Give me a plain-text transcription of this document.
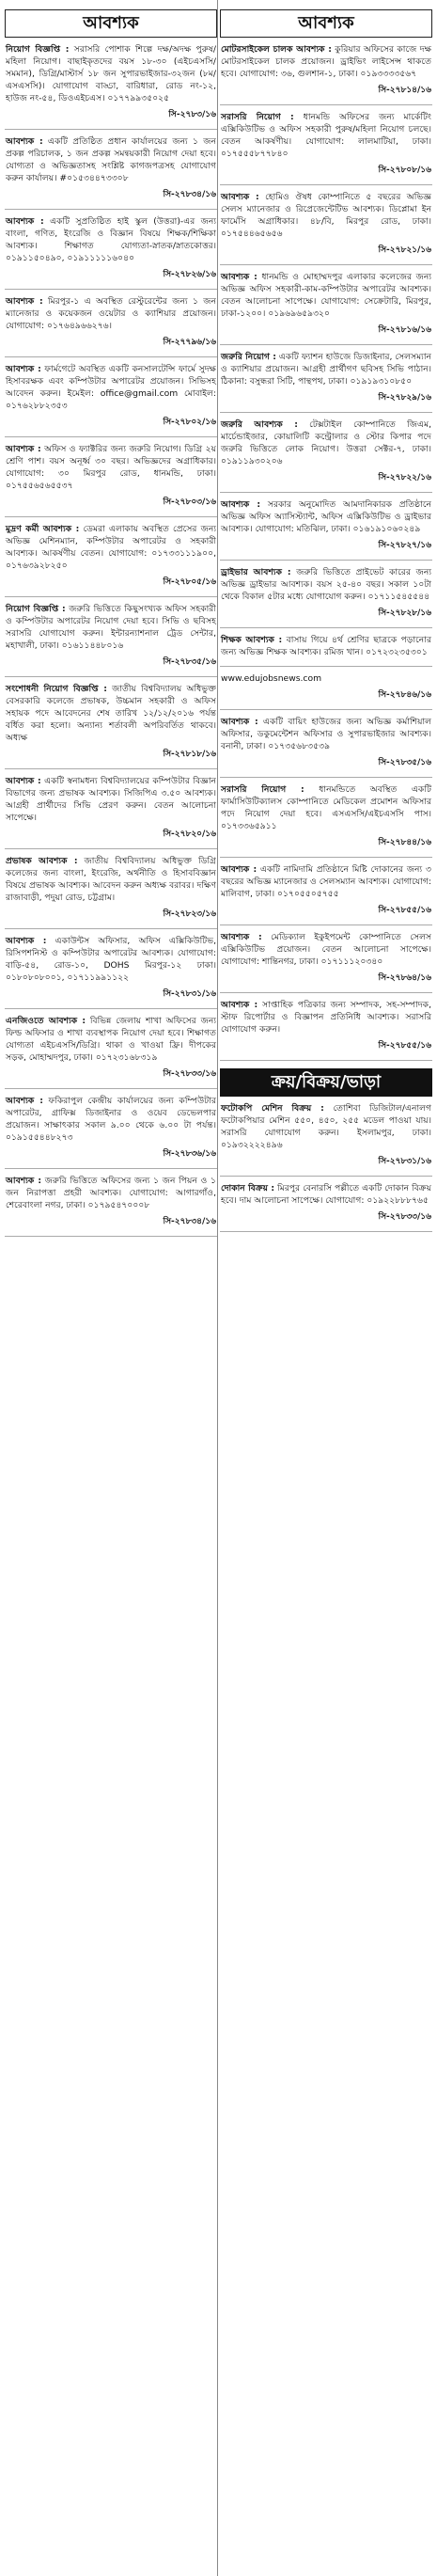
আবশ্যক

নিয়োগ বিজ্ঞপ্তি : সরাসরি পোশাক শিল্পে দক্ষ/অদক্ষ পুরুষ/মহিলা নিয়োগ। বাছাইকৃতদের বয়স ১৮-৩০ (এইচএসসি/সমমান), ডিগ্রি/মাস্টার্স ১৮ জন সুপারভাইজার-৩২জন (৮ম/এসএসসি)। যোগাযোগ বাড্ডা, বারিধারা, রোড নং-১২, হাউজ নং-৫৪, ডিওএইচএস। ০১৭৭৯৯৩৫০২৫

সি-২৭৮৩/১৬

আবশ্যক : একটি প্রতিষ্ঠিত প্রধান কার্যালয়ের জন্য ১ জন প্রকল্প পরিচালক, ১ জন প্রকল্প সমন্বয়কারী নিয়োগ দেয়া হবে। যোগ্যতা ও অভিজ্ঞতাসহ সংশ্লিষ্ট কাগজপত্রসহ যোগাযোগ করুন কার্যালয়। #০১৫৩৪৪৭৩৩০৮

সি-২৭৮৩৪/১৬

আবশ্যক : একটি সুপ্রতিষ্ঠিত হাই স্কুল (উত্তরা)-এর জন্য বাংলা, গণিত, ইংরেজি ও বিজ্ঞান বিষয়ে শিক্ষক/শিক্ষিকা আবশ্যক। শিক্ষাগত যোগ্যতা-স্নাতক/স্নাতকোত্তর। ০১৯১১৫০৪৯০, ০১৯১১১১১৬০৪০

সি-২৭৮২৬/১৬

আবশ্যক : মিরপুর-১ এ অবস্থিত রেস্টুরেন্টের জন্য ১ জন ম্যানেজার ও কয়েকজন ওয়েটার ও ক্যাশিয়ার প্রয়োজন। যোগাযোগ: ০১৭৬৪৯৬৬২৭৬।

সি-২৭৭৯৬/১৬

আবশ্যক : ফার্মগেটে অবস্থিত একটি কনসালটেন্সি ফার্মে সুদক্ষ হিসাবরক্ষক এবং কম্পিউটার অপারেটর প্রয়োজন। সিভিসহ আবেদন করুন। ইমেইল: office@gmail.com মোবাইল: ০১৭৬২৮৮২৩৫৩

সি-২৭৮০২/১৬

আবশ্যক : অফিস ও ফ্যাক্টরির জন্য জরুরি নিয়োগ। ডিগ্রি ২য় শ্রেণি পাশ। বয়স অনূর্ধ্ব ৩০ বছর। অভিজ্ঞদের অগ্রাধিকার। যোগাযোগ: ৩০ মিরপুর রোড, ধানমন্ডি, ঢাকা। ০১৭৫৫৬৫৬৫৫৩৭

সি-২৭৮০৩/১৬

মুদ্রণ কর্মী আবশ্যক : ডেমরা এলাকায় অবস্থিত প্রেসের জন্য অভিজ্ঞ মেশিনম্যান, কম্পিউটার অপারেটর ও সহকারী আবশ্যক। আকর্ষণীয় বেতন। যোগাযোগ: ০১৭৩৩১১১৯০০, ০১৭৬৩৯২৮২৫০

সি-২৭৮০৫/১৬

নিয়োগ বিজ্ঞপ্তি : জরুরি ভিত্তিতে কিছুসংখ্যক অফিস সহকারী ও কম্পিউটার অপারেটর নিয়োগ দেয়া হবে। সিভি ও ছবিসহ সরাসরি যোগাযোগ করুন। ইন্টারন্যাশনাল ট্রেড সেন্টার, মহাখালী, ঢাকা। ০১৬১১৪৪৮০১৬

সি-২৭৮৩৫/১৬

সংশোধনী নিয়োগ বিজ্ঞপ্তি : জাতীয় বিশ্ববিদ্যালয় অধিভুক্ত বেসরকারি কলেজে প্রভাষক, উচ্চমান সহকারী ও অফিস সহায়ক পদে আবেদনের শেষ তারিখ ১২/১২/২০১৬ পর্যন্ত বর্ধিত করা হলো। অন্যান্য শর্তাবলী অপরিবর্তিত থাকবে। অধ্যক্ষ

সি-২৭৮১৮/১৬

আবশ্যক : একটি স্বনামধন্য বিশ্ববিদ্যালয়ের কম্পিউটার বিজ্ঞান বিভাগের জন্য প্রভাষক আবশ্যক। সিজিপিএ ৩.৫০ আবশ্যক। আগ্রহী প্রার্থীদের সিভি প্রেরণ করুন। বেতন আলোচনা সাপেক্ষে।

সি-২৭৮২০/১৬

প্রভাষক আবশ্যক : জাতীয় বিশ্ববিদ্যালয় অধিভুক্ত ডিগ্রি কলেজের জন্য বাংলা, ইংরেজি, অর্থনীতি ও হিসাববিজ্ঞান বিষয়ে প্রভাষক আবশ্যক। আবেদন করুন অধ্যক্ষ বরাবর। দক্ষিণ রাজাবাড়ী, পদুয়া রোড, চট্টগ্রাম।

সি-২৭৮২৩/১৬

আবশ্যক : একাউন্টস অফিসার, অফিস এক্সিকিউটিভ, রিসিপশনিস্ট ও কম্পিউটার অপারেটর আবশ্যক। যোগাযোগ: বাড়ি-৫৪, রোড-১০, DOHS মিরপুর-১২ ঢাকা। ০১৮০৮০৮০০১, ০১৭১১৯৯১১২২

সি-২৭৮৩১/১৬

এনজিওতে আবশ্যক : বিভিন্ন জেলায় শাখা অফিসের জন্য ফিল্ড অফিসার ও শাখা ব্যবস্থাপক নিয়োগ দেয়া হবে। শিক্ষাগত যোগ্যতা এইচএসসি/ডিগ্রি। থাকা ও খাওয়া ফ্রি। দীপকের সড়ক, মোহাম্মদপুর, ঢাকা। ০১৭২৩১৬৮৩১৯

সি-২৭৮৩৩/১৬

আবশ্যক : ফকিরাপুল কেন্দ্রীয় কার্যালয়ের জন্য কম্পিউটার অপারেটর, গ্রাফিক্স ডিজাইনার ও ওয়েব ডেভেলপার প্রয়োজন। সাক্ষাৎকার সকাল ৯.০০ থেকে ৬.০০ টা পর্যন্ত। ০১৯১৫৫৪৪৮২৭৩

সি-২৭৮৩৬/১৬

আবশ্যক : জরুরি ভিত্তিতে অফিসের জন্য ১ জন পিয়ন ও ১ জন নিরাপত্তা প্রহরী আবশ্যক। যোগাযোগ: আগারগাঁও, শেরেবাংলা নগর, ঢাকা। ০১৭৯৫৪৭০০০৮

সি-২৭৮৩৪/১৬
আবশ্যক

মোটরসাইকেল চালক আবশ্যক : কুরিয়ার অফিসের কাজে দক্ষ মোটরসাইকেল চালক প্রয়োজন। ড্রাইভিং লাইসেন্স থাকতে হবে। যোগাযোগ: ৩৬, গুলশান-১, ঢাকা। ০১৯৩৩৩৩৫৬৭

সি-২৭৮১৪/১৬

সরাসরি নিয়োগ : ধানমন্ডি অফিসের জন্য মার্কেটিং এক্সিকিউটিভ ও অফিস সহকারী পুরুষ/মহিলা নিয়োগ চলছে। বেতন আকর্ষণীয়। যোগাযোগ: লালমাটিয়া, ঢাকা। ০১৭৫৫৫৮৭৭৮৪০

সি-২৭৮০৮/১৬

আবশ্যক : হোমিও ঔষধ কোম্পানিতে ৫ বছরের অভিজ্ঞ সেলস ম্যানেজার ও রিপ্রেজেন্টেটিভ আবশ্যক। ডিপ্লোমা ইন ফার্মেসি অগ্রাধিকার। ৪৮/বি, মিরপুর রোড, ঢাকা। ০১৭৫৪৪৬৫৬৫৬

সি-২৭৮২১/১৬

আবশ্যক : ধানমন্ডি ও মোহাম্মদপুর এলাকার কলেজের জন্য অভিজ্ঞ অফিস সহকারী-কাম-কম্পিউটার অপারেটর আবশ্যক। বেতন আলোচনা সাপেক্ষে। যোগাযোগ: সেক্রেটারি, মিরপুর, ঢাকা-১২০০। ০১৯৬৯৬৫৯৩২০

সি-২৭৮১৬/১৬

জরুরি নিয়োগ : একটি ফ্যাশন হাউজে ডিজাইনার, সেলসম্যান ও ক্যাশিয়ার প্রয়োজন। আগ্রহী প্রার্থীগণ ছবিসহ সিভি পাঠান। ঠিকানা: বসুন্ধরা সিটি, পান্থপথ, ঢাকা। ০১৯১৯৩১০৮৫০

সি-২৭৮২৯/১৬

জরুরি আবশ্যক : টেক্সটাইল কোম্পানিতে জিএম, মার্চেন্ডাইজার, কোয়ালিটি কন্ট্রোলার ও স্টোর কিপার পদে জরুরি ভিত্তিতে লোক নিয়োগ। উত্তরা সেক্টর-৭, ঢাকা। ০১৯১১৯৩০২০৬

সি-২৭৮২২/১৬

আবশ্যক : সরকার অনুমোদিত আমদানিকারক প্রতিষ্ঠানে অভিজ্ঞ অফিস অ্যাসিস্ট্যান্ট, অফিস এক্সিকিউটিভ ও ড্রাইভার আবশ্যক। যোগাযোগ: মতিঝিল, ঢাকা। ০১৬১৯১০৬০২৪৯

সি-২৭৮২৭/১৬

ড্রাইভার আবশ্যক : জরুরি ভিত্তিতে প্রাইভেট কারের জন্য অভিজ্ঞ ড্রাইভার আবশ্যক। বয়স ২৫-৪০ বছর। সকাল ১০টা থেকে বিকাল ৫টার মধ্যে যোগাযোগ করুন। ০১৭১১৫৪৫৫৪৪

সি-২৭৮২৮/১৬

শিক্ষক আবশ্যক : বাসায় গিয়ে ৪র্থ শ্রেণির ছাত্রকে পড়ানোর জন্য অভিজ্ঞ শিক্ষক আবশ্যক। রমিজ খান। ০১৭২৩২৩৫৩০১

www.edujobsnews.com

সি-২৭৮৪৬/১৬

আবশ্যক : একটি বায়িং হাউজের জন্য অভিজ্ঞ কর্মাশিয়াল অফিসার, ডকুমেন্টেশন অফিসার ও সুপারভাইজার আবশ্যক। বনানী, ঢাকা। ০১৭৩৫৬৮৩৫৩৯

সি-২৭৮৩৫/১৬

সরাসরি নিয়োগ : ধানমন্ডিতে অবস্থিত একটি ফার্মাসিউটিক্যালস কোম্পানিতে মেডিকেল প্রমোশন অফিসার পদে নিয়োগ দেয়া হবে। এসএসসি/এইচএসসি পাস। ০১৭৩৩৬৫৯১১

সি-২৭৮৪৪/১৬

আবশ্যক : একটি নামিদামি প্রতিষ্ঠানে মিষ্টি দোকানের জন্য ৩ বছরের অভিজ্ঞ ম্যানেজার ও সেলসম্যান আবশ্যক। যোগাযোগ: মালিবাগ, ঢাকা। ০১৭০৫৫০৫৭৫৫

সি-২৭৮৫৫/১৬

আবশ্যক : মেডিক্যাল ইকুইপমেন্ট কোম্পানিতে সেলস এক্সিকিউটিভ প্রয়োজন। বেতন আলোচনা সাপেক্ষে। যোগাযোগ: শান্তিনগর, ঢাকা। ০১৭১১১২০৩৪০

সি-২৭৮৬৪/১৬

আবশ্যক : সাপ্তাহিক পত্রিকার জন্য সম্পাদক, সহ-সম্পাদক, স্টাফ রিপোর্টার ও বিজ্ঞাপন প্রতিনিধি আবশ্যক। সরাসরি যোগাযোগ করুন।

সি-২৭৮৫৫/১৬
ক্রয়/বিক্রয়/ভাড়া

ফটোকপি মেশিন বিক্রয় : তোশিবা ডিজিটাল/এনালগ ফটোকপিয়ার মেশিন ৫৫০, ৪৫০, ২৫৫ মডেল পাওয়া যায়। সরাসরি যোগাযোগ করুন। ইসলামপুর, ঢাকা। ০১৯৩২২২২৪৯৬

সি-২৭৮৩১/১৬

দোকান বিক্রয় : মিরপুর বেনারসি পল্লীতে একটি দোকান বিক্রয় হবে। দাম আলোচনা সাপেক্ষে। যোগাযোগ: ০১৯২২৮৮৮৭৬৫

সি-২৭৮৩৩/১৬
